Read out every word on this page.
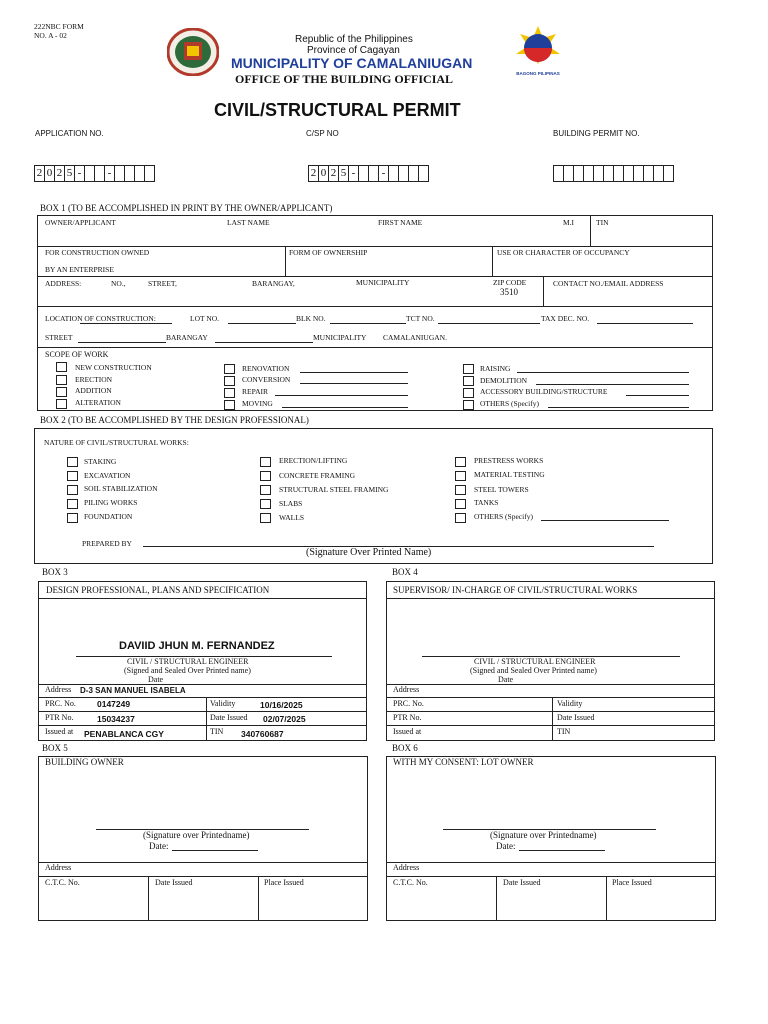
222NBC FORM
NO. A - 02	Republic of the Philippines
Province of Cagayan
MUNICIPALITY OF CAMALANIUGAN
OFFICE OF THE BUILDING OFFICIAL	BAGONG PILIPINAS
CIVIL/STRUCTURAL PERMIT
APPLICATION NO.	C/SP NO	BUILDING PERMIT NO.
2 0 2 5 -	-	2 0 2 5 -	-
BOX 1 (TO BE ACCOMPLISHED IN PRINT BY THE OWNER/APPLICANT)
OWNER/APPLICANT	LAST NAME	FIRST NAME	M.I	TIN
FOR CONSTRUCTION OWNED
BY AN ENTERPRISE
FORM OF OWNERSHIP	USE OR CHARACTER OF OCCUPANCY
ADDRESS:	NO.,	STREET,	BARANGAY,	MUNICIPALITY	ZIP CODE
3510
CONTACT NO./EMAIL ADDRESS
LOCATION OF CONSTRUCTION:	LOT NO.	BLK NO.	TCT NO.	TAX DEC. NO.
STREET	BARANGAY	MUNICIPALITY CAMALANIUGAN.
SCOPE OF WORK
NEW CONSTRUCTION
ERECTION
ADDITION
ALTERATION
RENOVATION
CONVERSION
REPAIR
MOVING
RAISING
DEMOLITION
ACCESSORY BUILDING/STRUCTURE
OTHERS (Specify)
BOX 2 (TO BE ACCOMPLISHED BY THE DESIGN PROFESSIONAL)
NATURE OF CIVIL/STRUCTURAL WORKS:
STAKING
EXCAVATION
SOIL STABILIZATION
PILING WORKS
FOUNDATION
ERECTION/LIFTING
CONCRETE FRAMING
STRUCTURAL STEEL FRAMING
SLABS
WALLS
PRESTRESS WORKS
MATERIAL TESTING
STEEL TOWERS
TANKS
OTHERS (Specify)
PREPARED BY
(Signature Over Printed Name)
BOX 3
DESIGN PROFESSIONAL, PLANS AND SPECIFICATION
DAVIID JHUN M. FERNANDEZ
CIVIL / STRUCTURAL ENGINEER
(Signed and Sealed Over Printed name)
Date
Address D-3 SAN MANUEL ISABELA
PRC. No. 0147249	Validity	10/16/2025
PTR No.	15034237	Date Issued 02/07/2025
Issued at PENABLANCA CGY	TIN 340760687
BOX 4
SUPERVISOR/ IN-CHARGE OF CIVIL/STRUCTURAL WORKS
CIVIL / STRUCTURAL ENGINEER
(Signed and Sealed Over Printed name)
Date
Address
PRC. No.	Validity
PTR No.	Date Issued
Issued at	TIN
BOX 5
BUILDING OWNER
(Signature over Printedname)
Date:
Address
C.T.C. No.	Date Issued	Place Issued
BOX 6
WITH MY CONSENT: LOT OWNER
(Signature over Printedname)
Date:
Address
C.T.C. No.	Date Issued	Place Issued
